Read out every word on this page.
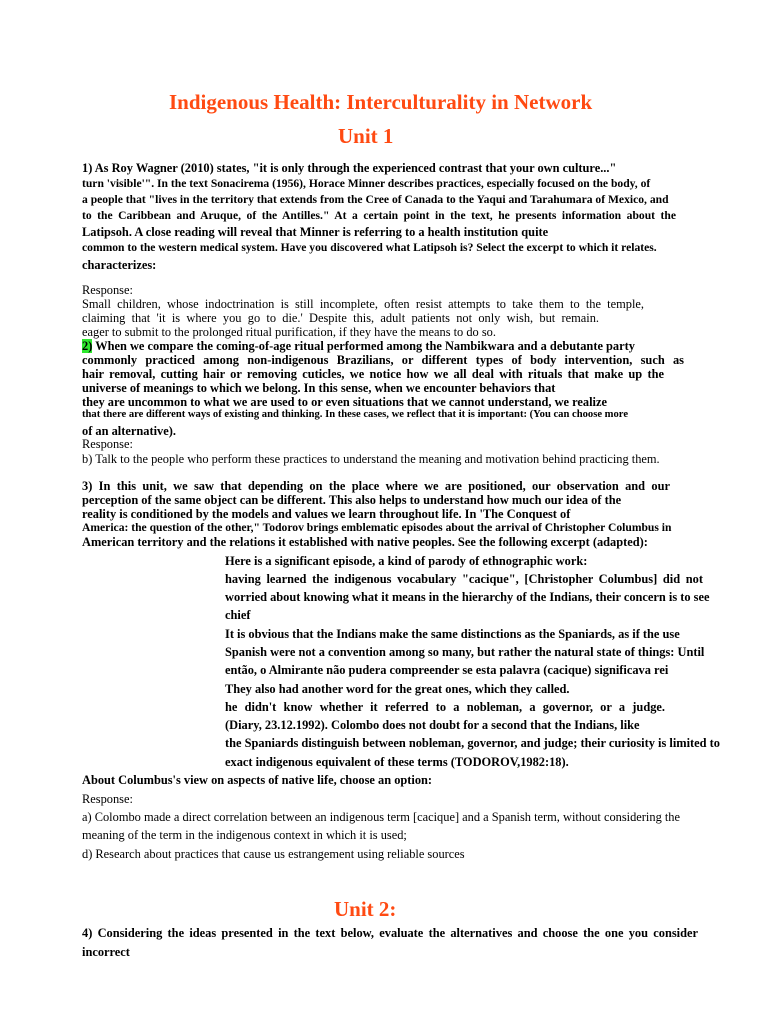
Indigenous Health: Interculturality in Network
Unit 1
1) As Roy Wagner (2010) states, "it is only through the experienced contrast that your own culture..."
turn 'visible'". In the text Sonacirema (1956), Horace Minner describes practices, especially focused on the body, of
a people that "lives in the territory that extends from the Cree of Canada to the Yaqui and Tarahumara of Mexico, and
to the Caribbean and Aruque, of the Antilles." At a certain point in the text, he presents information about the
Latipsoh. A close reading will reveal that Minner is referring to a health institution quite
common to the western medical system. Have you discovered what Latipsoh is? Select the excerpt to which it relates.
characterizes:
Response:
Small children, whose indoctrination is still incomplete, often resist attempts to take them to the temple,
claiming that 'it is where you go to die.' Despite this, adult patients not only wish, but remain.
eager to submit to the prolonged ritual purification, if they have the means to do so.
2) When we compare the coming-of-age ritual performed among the Nambikwara and a debutante party
commonly practiced among non-indigenous Brazilians, or different types of body intervention, such as
hair removal, cutting hair or removing cuticles, we notice how we all deal with rituals that make up the
universe of meanings to which we belong. In this sense, when we encounter behaviors that
they are uncommon to what we are used to or even situations that we cannot understand, we realize
that there are different ways of existing and thinking. In these cases, we reflect that it is important: (You can choose more
of an alternative).
Response:
b) Talk to the people who perform these practices to understand the meaning and motivation behind practicing them.
3) In this unit, we saw that depending on the place where we are positioned, our observation and our
perception of the same object can be different. This also helps to understand how much our idea of the
reality is conditioned by the models and values we learn throughout life. In 'The Conquest of
America: the question of the other," Todorov brings emblematic episodes about the arrival of Christopher Columbus in
American territory and the relations it established with native peoples. See the following excerpt (adapted):
Here is a significant episode, a kind of parody of ethnographic work:
having learned the indigenous vocabulary "cacique", [Christopher Columbus] did not
worried about knowing what it means in the hierarchy of the Indians, their concern is to see
chief
It is obvious that the Indians make the same distinctions as the Spaniards, as if the use
Spanish were not a convention among so many, but rather the natural state of things: Until
então, o Almirante não pudera compreender se esta palavra (cacique) significava rei
They also had another word for the great ones, which they called.
he didn't know whether it referred to a nobleman, a governor, or a judge.
(Diary, 23.12.1992). Colombo does not doubt for a second that the Indians, like
the Spaniards distinguish between nobleman, governor, and judge; their curiosity is limited to
exact indigenous equivalent of these terms (TODOROV,1982:18).
About Columbus's view on aspects of native life, choose an option:
Response:
a) Colombo made a direct correlation between an indigenous term [cacique] and a Spanish term, without considering the
meaning of the term in the indigenous context in which it is used;
d) Research about practices that cause us estrangement using reliable sources
Unit 2:
4) Considering the ideas presented in the text below, evaluate the alternatives and choose the one you consider
incorrect
